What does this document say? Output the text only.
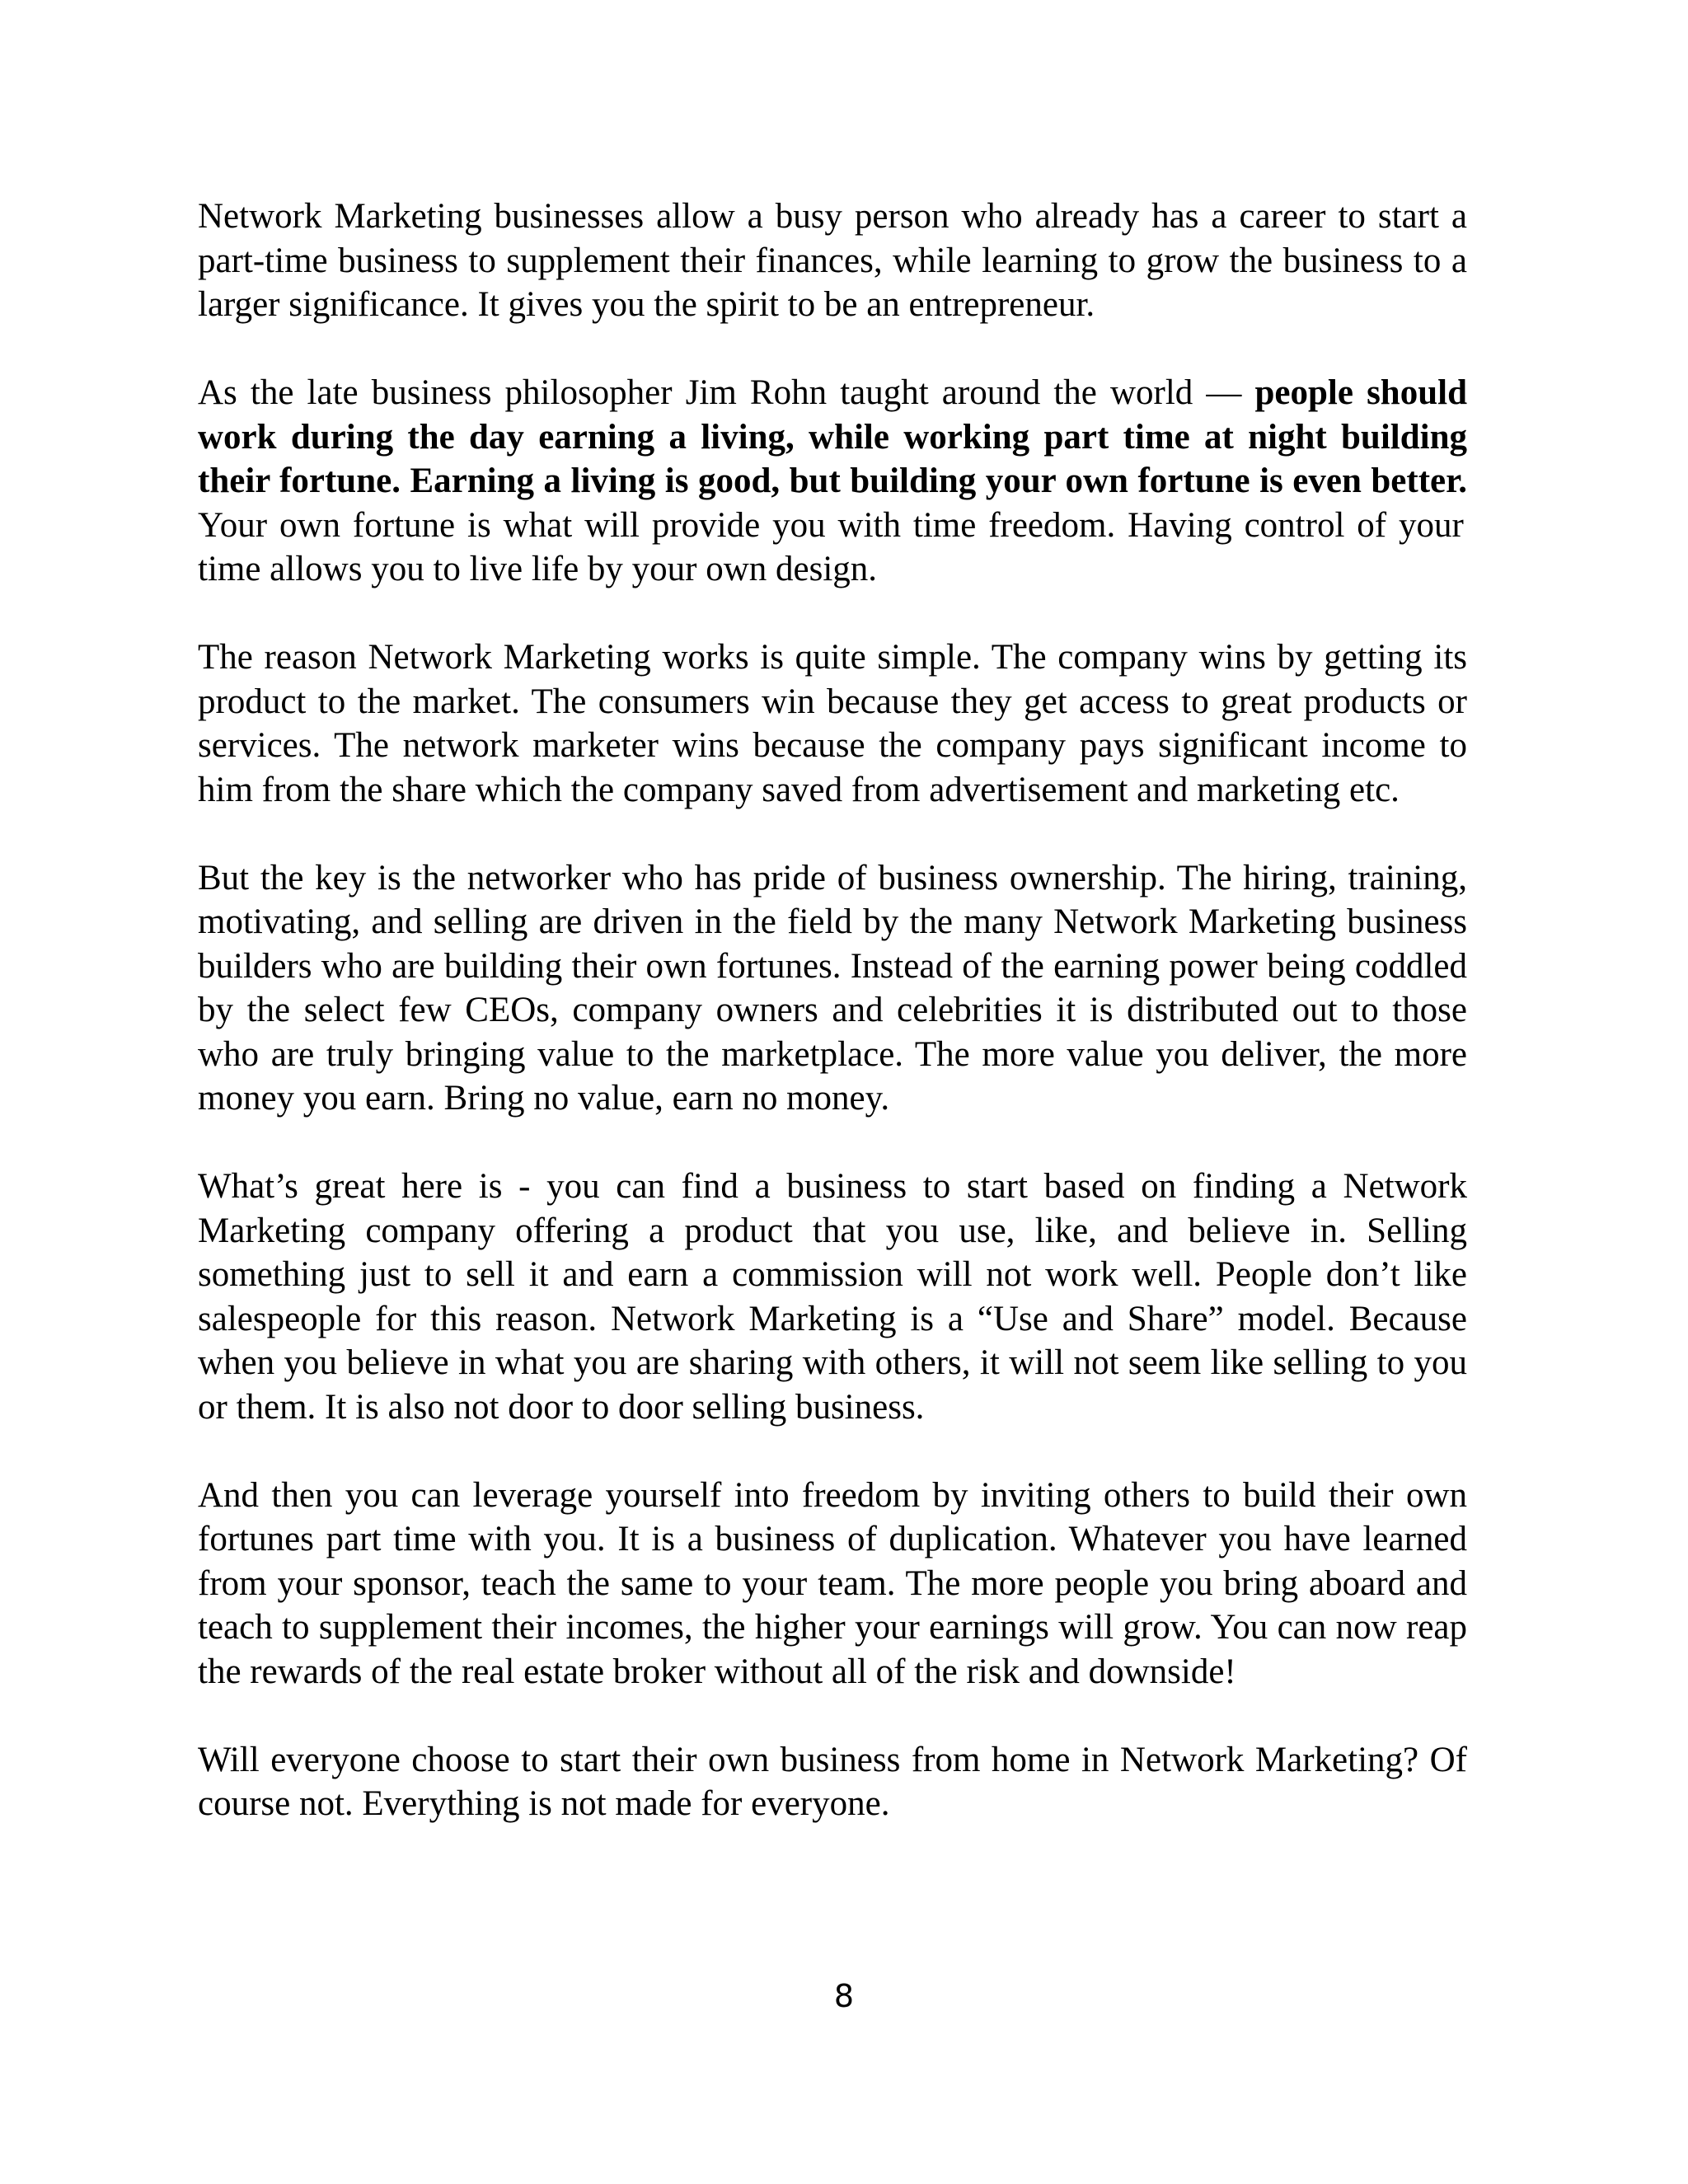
Network Marketing businesses allow a busy person who already has a career to start a part-time business to supplement their finances, while learning to grow the business to a larger significance. It gives you the spirit to be an entrepreneur.

As the late business philosopher Jim Rohn taught around the world — people should work during the day earning a living, while working part time at night building their fortune. Earning a living is good, but building your own fortune is even better. Your own fortune is what will provide you with time freedom. Having control of your time allows you to live life by your own design.

The reason Network Marketing works is quite simple. The company wins by getting its product to the market. The consumers win because they get access to great products or services. The network marketer wins because the company pays significant income to him from the share which the company saved from advertisement and marketing etc.

But the key is the networker who has pride of business ownership. The hiring, training, motivating, and selling are driven in the field by the many Network Marketing business builders who are building their own fortunes. Instead of the earning power being coddled by the select few CEOs, company owners and celebrities it is distributed out to those who are truly bringing value to the marketplace. The more value you deliver, the more money you earn. Bring no value, earn no money.

What’s great here is - you can find a business to start based on finding a Network Marketing company offering a product that you use, like, and believe in. Selling something just to sell it and earn a commission will not work well. People don’t like salespeople for this reason. Network Marketing is a “Use and Share” model. Because when you believe in what you are sharing with others, it will not seem like selling to you or them. It is also not door to door selling business.

And then you can leverage yourself into freedom by inviting others to build their own fortunes part time with you. It is a business of duplication. Whatever you have learned from your sponsor, teach the same to your team. The more people you bring aboard and teach to supplement their incomes, the higher your earnings will grow. You can now reap the rewards of the real estate broker without all of the risk and downside!

Will everyone choose to start their own business from home in Network Marketing? Of course not. Everything is not made for everyone.

8
